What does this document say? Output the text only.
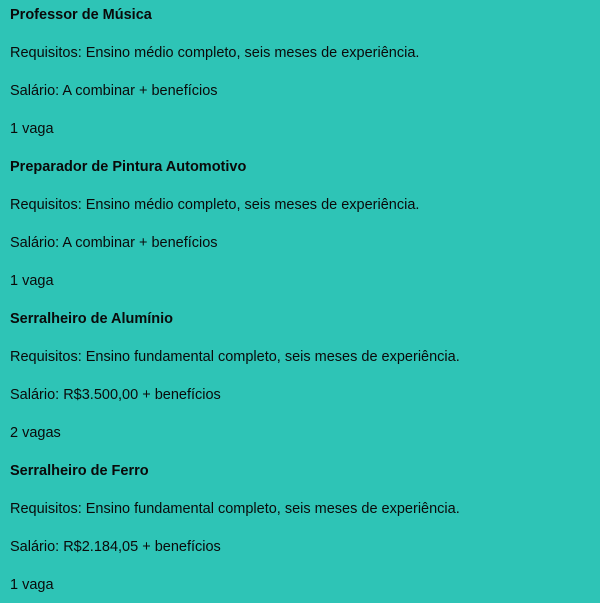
Professor de Música

Requisitos: Ensino médio completo, seis meses de experiência.

Salário: A combinar + benefícios

1 vaga

Preparador de Pintura Automotivo

Requisitos: Ensino médio completo, seis meses de experiência.

Salário: A combinar + benefícios

1 vaga

Serralheiro de Alumínio

Requisitos: Ensino fundamental completo, seis meses de experiência.

Salário: R$3.500,00 + benefícios

2 vagas

Serralheiro de Ferro

Requisitos: Ensino fundamental completo, seis meses de experiência.

Salário: R$2.184,05 + benefícios

1 vaga
